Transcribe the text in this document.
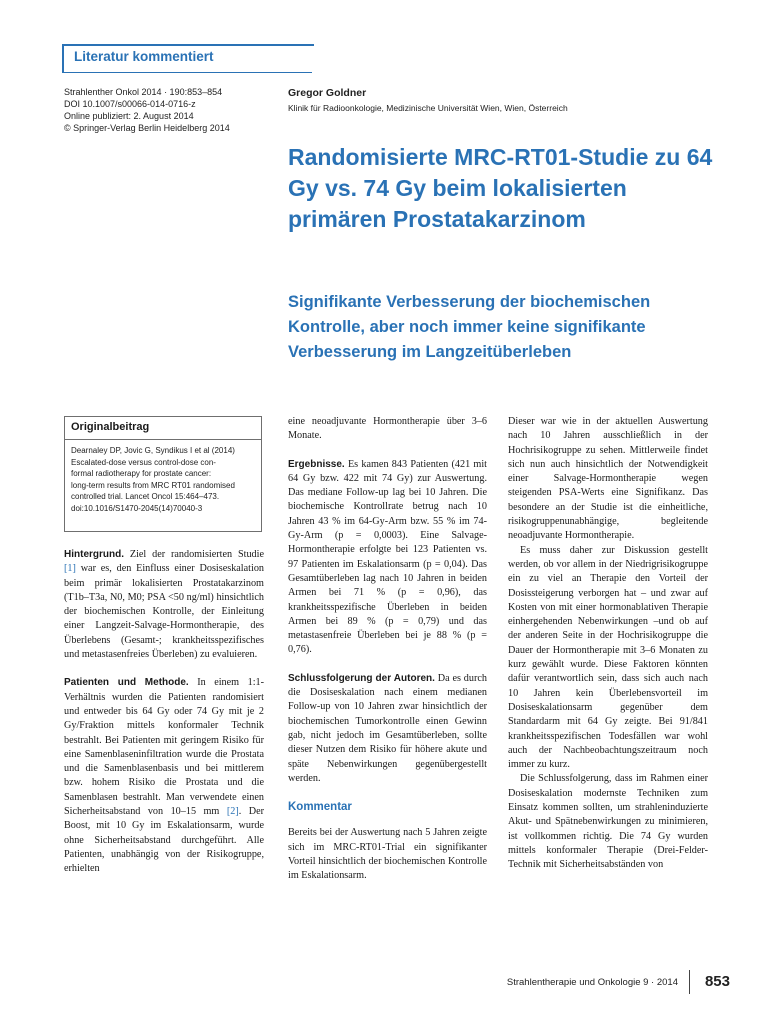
Literatur kommentiert
Strahlenther Onkol 2014 · 190:853–854
DOI 10.1007/s00066-014-0716-z
Online publiziert: 2. August 2014
© Springer-Verlag Berlin Heidelberg 2014
Gregor Goldner
Klinik für Radioonkologie, Medizinische Universität Wien, Wien, Österreich
Randomisierte MRC-RT01-Studie zu 64 Gy vs. 74 Gy beim lokalisierten primären Prostatakarzinom
Signifikante Verbesserung der biochemischen Kontrolle, aber noch immer keine signifikante Verbesserung im Langzeitüberleben
Originalbeitrag
Dearnaley DP, Jovic G, Syndikus I et al (2014)
Escalated-dose versus control-dose con-
formal radiotherapy for prostate cancer:
long-term results from MRC RT01 randomised
controlled trial. Lancet Oncol 15:464–473.
doi:10.1016/S1470-2045(14)70040-3

Hintergrund. Ziel der randomisierten Studie [1] war es, den Einfluss einer Dosiseskalation beim primär lokalisierten Prostatakarzinom (T1b–T3a, N0, M0; PSA <50 ng/ml) hinsichtlich der biochemischen Kontrolle, der Einleitung einer Langzeit-Salvage-Hormontherapie, des Überlebens (Gesamt-; krankheitsspezifisches und metastasenfreies Überleben) zu evaluieren.

Patienten und Methode. In einem 1:1-Verhältnis wurden die Patienten randomisiert und entweder bis 64 Gy oder 74 Gy mit je 2 Gy/Fraktion mittels konformaler Technik bestrahlt. Bei Patienten mit geringem Risiko für eine Samenblaseninfiltration wurde die Prostata und die Samenblasenbasis und bei mittlerem bzw. hohem Risiko die Prostata und die Samenblasen bestrahlt. Man verwendete einen Sicherheitsabstand von 10–15 mm [2]. Der Boost, mit 10 Gy im Eskalationsarm, wurde ohne Sicherheitsabstand durchgeführt. Alle Patienten, unabhängig von der Risikogruppe, erhielten

eine neoadjuvante Hormontherapie über 3–6 Monate.

Ergebnisse. Es kamen 843 Patienten (421 mit 64 Gy bzw. 422 mit 74 Gy) zur Auswertung. Das mediane Follow-up lag bei 10 Jahren. Die biochemische Kontrollrate betrug nach 10 Jahren 43 % im 64-Gy-Arm bzw. 55 % im 74-Gy-Arm (p = 0,0003). Eine Salvage-Hormontherapie erfolgte bei 123 Patienten vs. 97 Patienten im Eskalationsarm (p = 0,04). Das Gesamtüberleben lag nach 10 Jahren in beiden Armen bei 71 % (p = 0,96), das krankheitsspezifische Überleben in beiden Armen bei 89 % (p = 0,79) und das metastasenfreie Überleben bei je 88 % (p = 0,76).

Schlussfolgerung der Autoren. Da es durch die Dosiseskalation nach einem medianen Follow-up von 10 Jahren zwar hinsichtlich der biochemischen Tumorkontrolle einen Gewinn gab, nicht jedoch im Gesamtüberleben, sollte dieser Nutzen dem Risiko für höhere akute und späte Nebenwirkungen gegenübergestellt werden.

Kommentar

Bereits bei der Auswertung nach 5 Jahren zeigte sich im MRC-RT01-Trial ein signifikanter Vorteil hinsichtlich der biochemischen Kontrolle im Eskalationsarm.

Dieser war wie in der aktuellen Auswertung nach 10 Jahren ausschließlich in der Hochrisikogruppe zu sehen. Mittlerweile findet sich nun auch hinsichtlich der Notwendigkeit einer Salvage-Hormontherapie wegen steigenden PSA-Werts eine Signifikanz. Das besondere an der Studie ist die einheitliche, risikogruppenunabhängige, begleitende neoadjuvante Hormontherapie.

Es muss daher zur Diskussion gestellt werden, ob vor allem in der Niedrigrisikogruppe ein zu viel an Therapie den Vorteil der Dosissteigerung verborgen hat – und zwar auf Kosten von mit einer hormonablativen Therapie einhergehenden Nebenwirkungen –und ob auf der anderen Seite in der Hochrisikogruppe die Dauer der Hormontherapie mit 3–6 Monaten zu kurz gewählt wurde. Diese Faktoren könnten dafür verantwortlich sein, dass sich auch nach 10 Jahren kein Überlebensvorteil im Dosiseskalationsarm gegenüber dem Standardarm mit 64 Gy zeigte. Bei 91/841 krankheitsspezifischen Todesfällen war wohl auch der Nachbeobachtungszeitraum noch immer zu kurz.

Die Schlussfolgerung, dass im Rahmen einer Dosiseskalation modernste Techniken zum Einsatz kommen sollten, um strahleninduzierte Akut- und Spätnebenwirkungen zu minimieren, ist vollkommen richtig. Die 74 Gy wurden mittels konformaler Therapie (Drei-Felder-Technik mit Sicherheitsabständen von

Strahlentherapie und Onkologie 9 · 2014 853
